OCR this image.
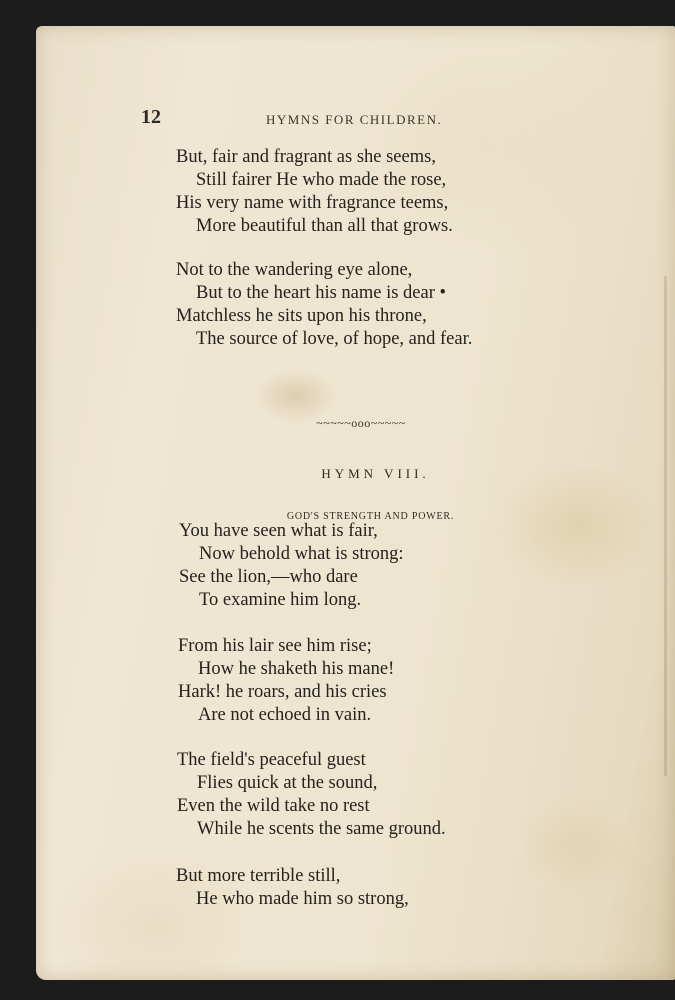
12	HYMNS FOR CHILDREN.
But, fair and fragrant as she seems,
Still fairer He who made the rose,
His very name with fragrance teems,
More beautiful than all that grows.
Not to the wandering eye alone,
But to the heart his name is dear •
Matchless he sits upon his throne,
The source of love, of hope, and fear.
~~~~~ooo~~~~~
HYMN VIII.
GOD'S STRENGTH AND POWER.
You have seen what is fair,
Now behold what is strong:
See the lion,—who dare
To examine him long.
From his lair see him rise;
How he shaketh his mane!
Hark! he roars, and his cries
Are not echoed in vain.
The field's peaceful guest
Flies quick at the sound,
Even the wild take no rest
While he scents the same ground.
But more terrible still,
He who made him so strong,
